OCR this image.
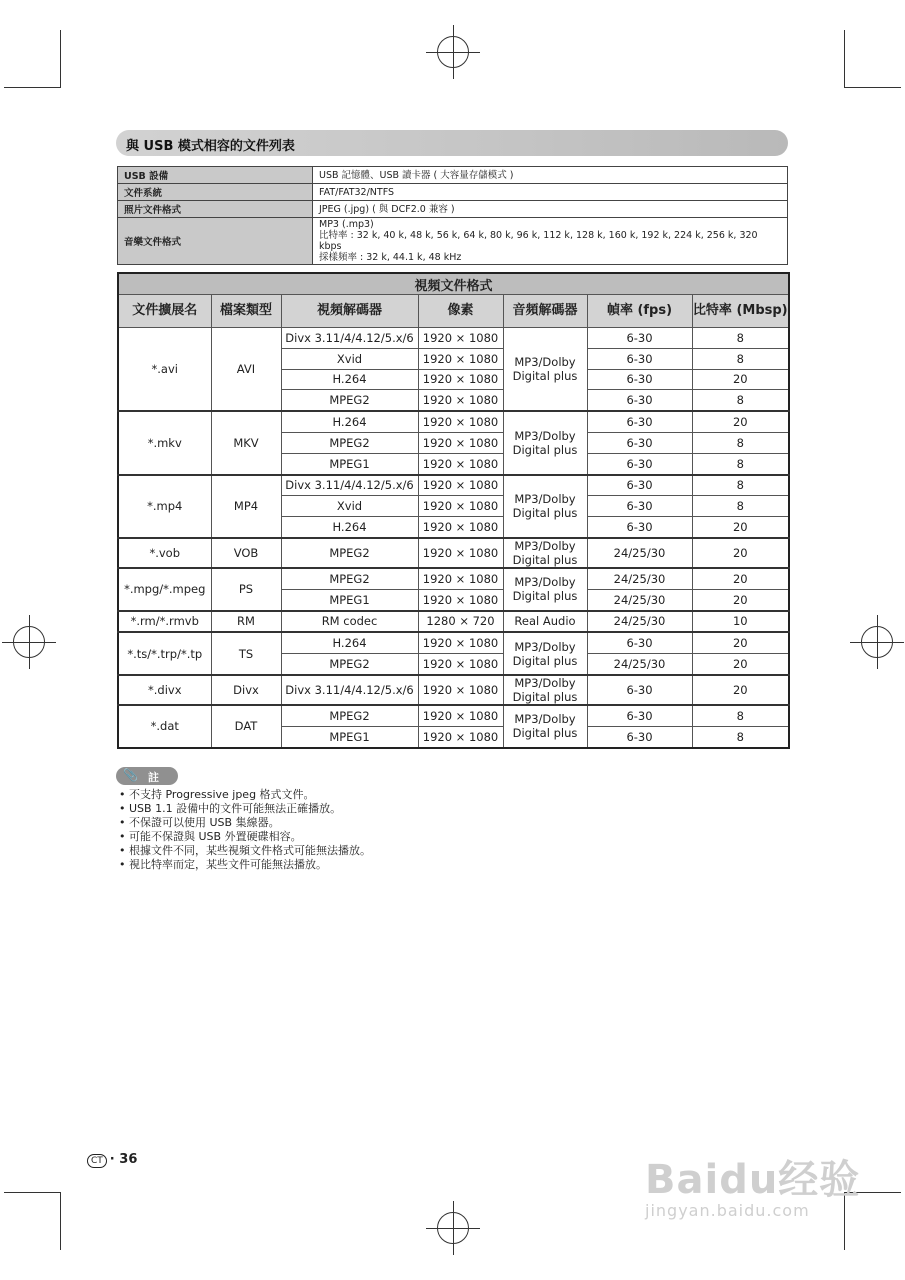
與 USB 模式相容的文件列表
USB 設備	USB 記憶體、USB 讀卡器 ( 大容量存儲模式 )

文件系統	FAT/FAT32/NTFS

照片文件格式	JPEG (.jpg) ( 與 DCF2.0 兼容 )

音樂文件格式	MP3 (.mp3)
比特率 : 32 k, 40 k, 48 k, 56 k, 64 k, 80 k, 96 k, 112 k, 128 k, 160 k, 192 k, 224 k, 256 k, 320 kbps
採樣頻率 : 32 k, 44.1 k, 48 kHz
視頻文件格式						
文件擴展名	檔案類型	視頻解碼器	像素	音頻解碼器	幀率 (fps)	比特率 (Mbsp)
*.avi	AVI	Divx 3.11/4/4.12/5.x/6	1920 × 1080	MP3/Dolby Digital plus	6-30	8
		Xvid	1920 × 1080		6-30	8
		H.264	1920 × 1080		6-30	20
		MPEG2	1920 × 1080		6-30	8
*.mkv	MKV	H.264	1920 × 1080	MP3/Dolby Digital plus	6-30	20
		MPEG2	1920 × 1080		6-30	8
		MPEG1	1920 × 1080		6-30	8
*.mp4	MP4	Divx 3.11/4/4.12/5.x/6	1920 × 1080	MP3/Dolby Digital plus	6-30	8
		Xvid	1920 × 1080		6-30	8
		H.264	1920 × 1080		6-30	20
*.vob	VOB	MPEG2	1920 × 1080	MP3/Dolby Digital plus	24/25/30	20
*.mpg/*.mpeg	PS	MPEG2	1920 × 1080	MP3/Dolby Digital plus	24/25/30	20
		MPEG1	1920 × 1080		24/25/30	20
*.rm/*.rmvb	RM	RM codec	1280 × 720	Real Audio	24/25/30	10
*.ts/*.trp/*.tp	TS	H.264	1920 × 1080	MP3/Dolby Digital plus	6-30	20
		MPEG2	1920 × 1080		24/25/30	20
*.divx	Divx	Divx 3.11/4/4.12/5.x/6	1920 × 1080	MP3/Dolby Digital plus	6-30	20
*.dat	DAT	MPEG2	1920 × 1080	MP3/Dolby Digital plus	6-30	8
		MPEG1	1920 × 1080		6-30	8
📎 註
• 不支持 Progressive jpeg 格式文件。
• USB 1.1 設備中的文件可能無法正確播放。
• 不保證可以使用 USB 集線器。
• 可能不保證與 USB 外置硬碟相容。
• 根據文件不同，某些視頻文件格式可能無法播放。
• 視比特率而定，某些文件可能無法播放。
CT · 36	Baidu经验
jingyan.baidu.com
